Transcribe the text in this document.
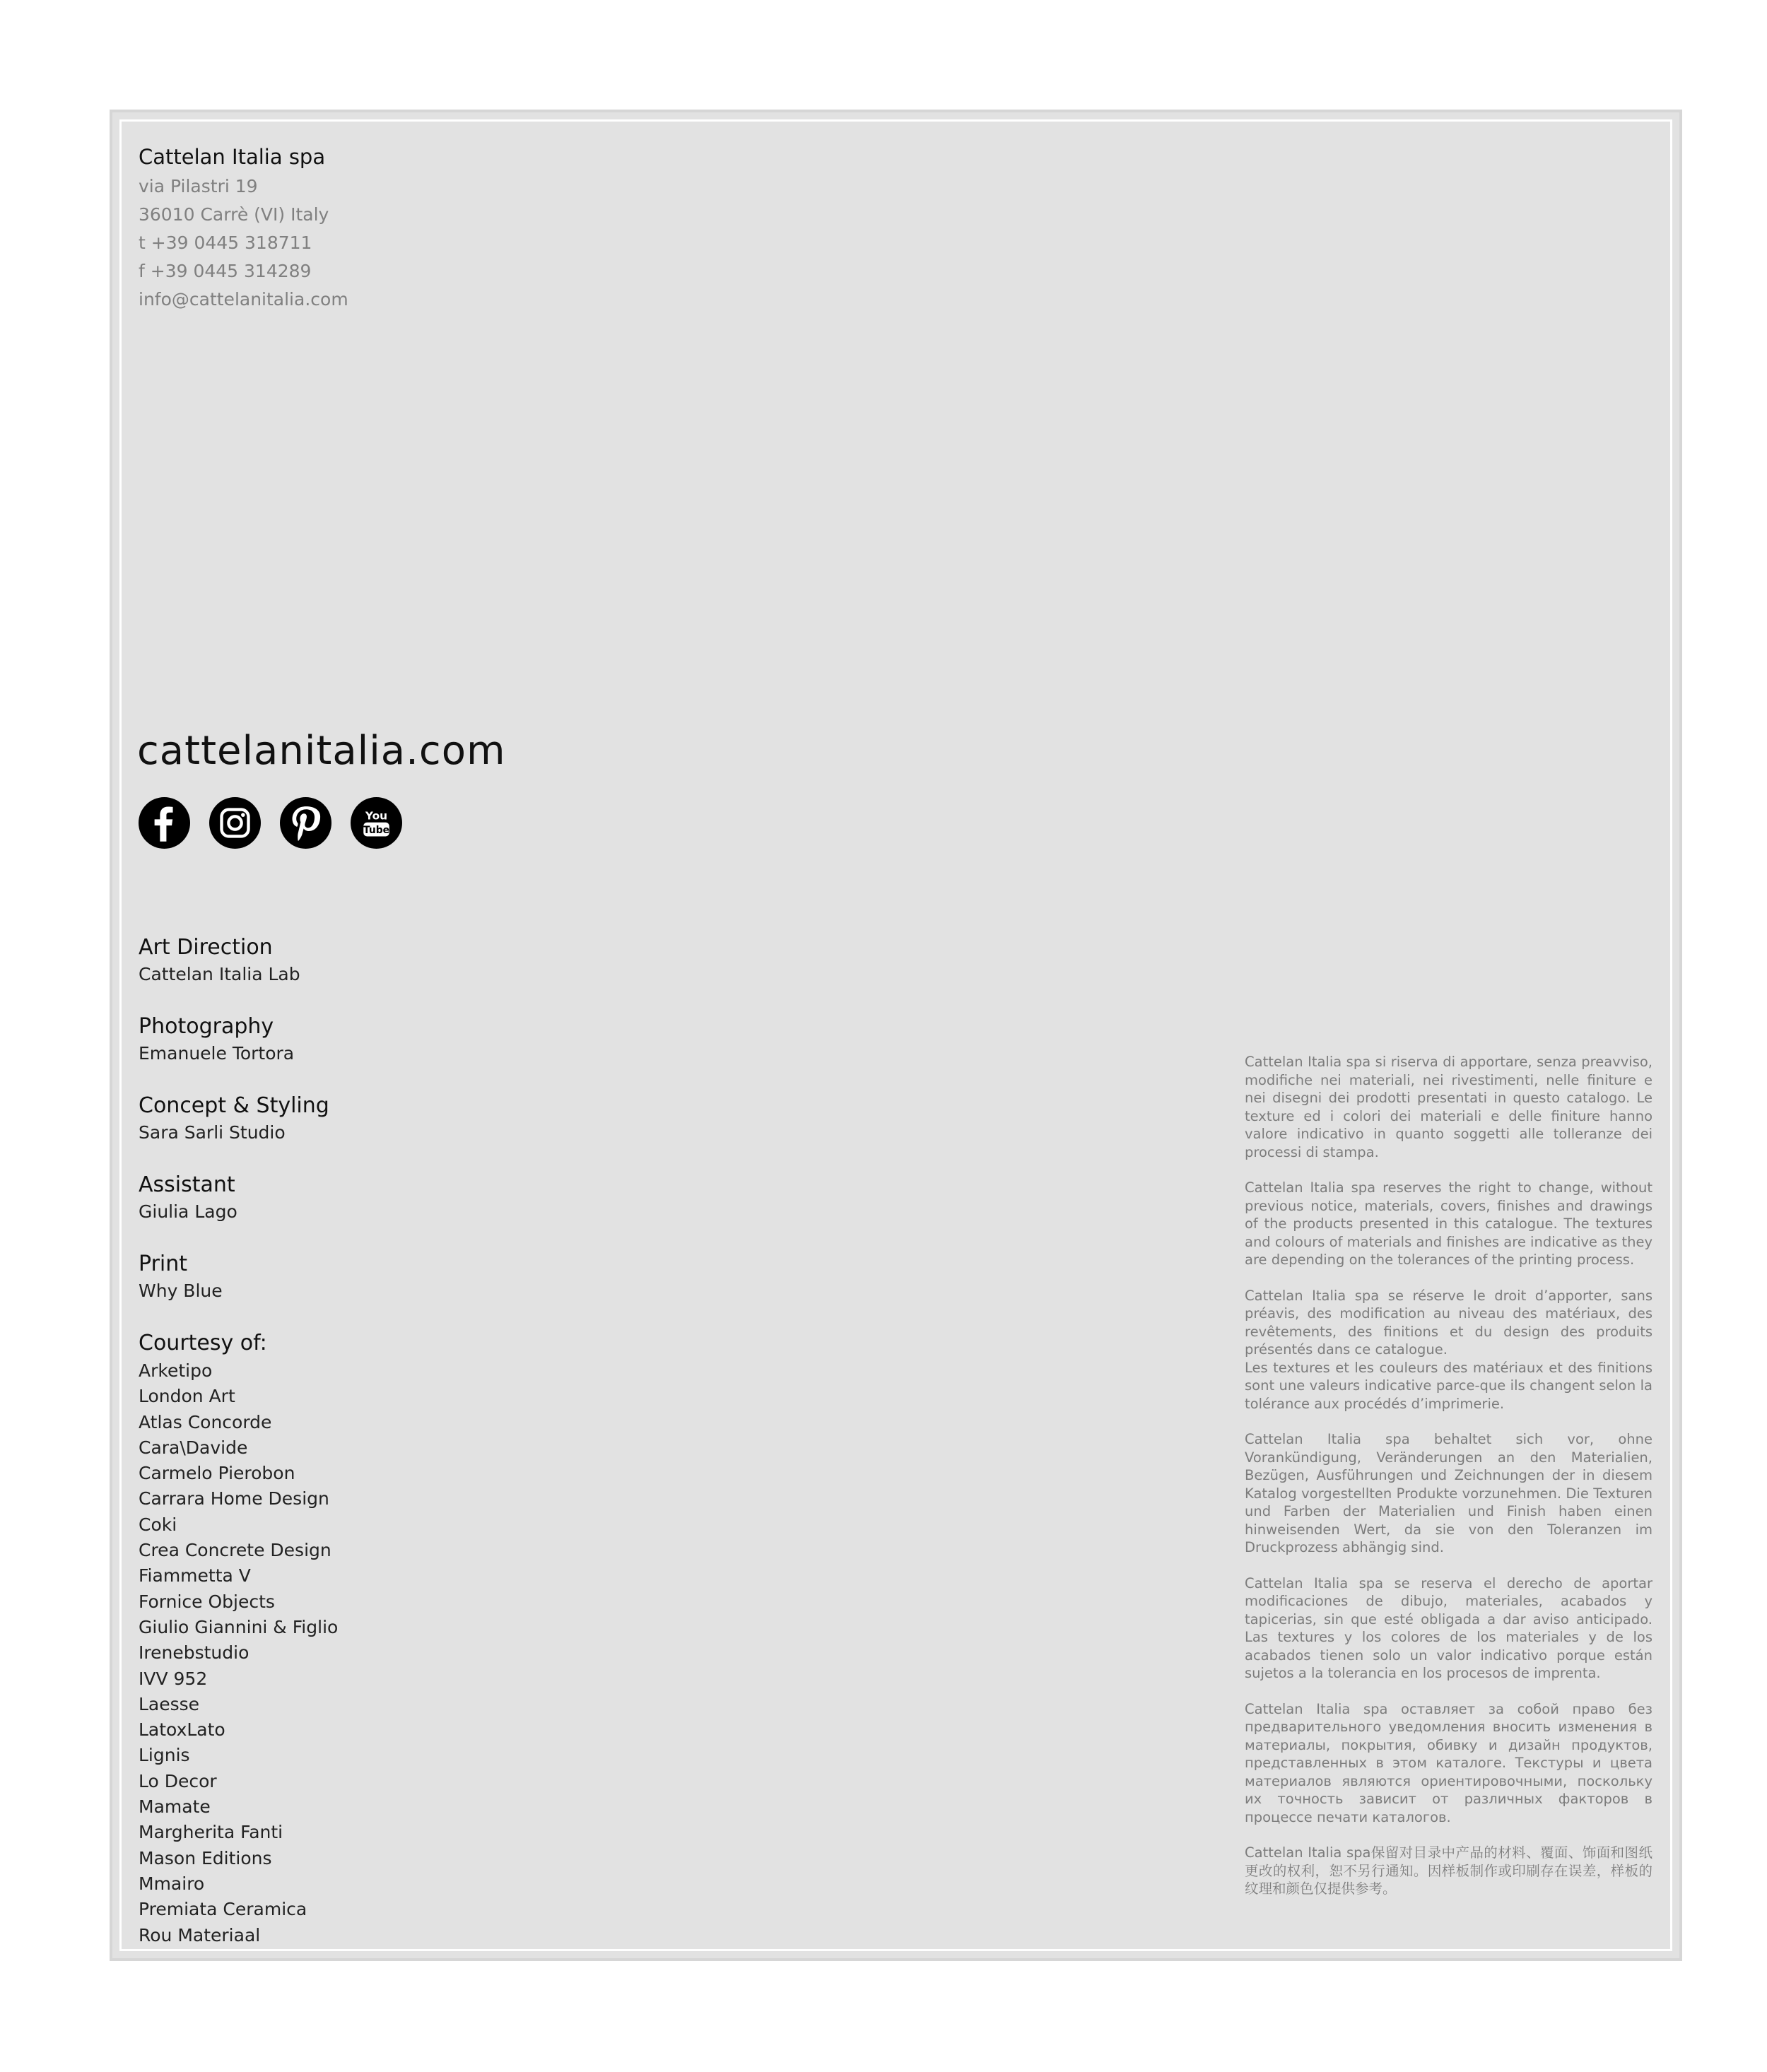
Cattelan Italia spa
via Pilastri 19
36010 Carrè (VI) Italy
t +39 0445 318711
f +39 0445 314289
info@cattelanitalia.com
cattelanitalia.com
You
Tube
Art Direction
Cattelan Italia Lab
Photography
Emanuele Tortora
Concept & Styling
Sara Sarli Studio
Assistant
Giulia Lago
Print
Why Blue
Courtesy of:
Arketipo
London Art
Atlas Concorde
Cara\Davide
Carmelo Pierobon
Carrara Home Design
Coki
Crea Concrete Design
Fiammetta V
Fornice Objects
Giulio Giannini & Figlio
Irenebstudio
IVV 952
Laesse
LatoxLato
Lignis
Lo Decor
Mamate
Margherita Fanti
Mason Editions
Mmairo
Premiata Ceramica
Rou Materiaal

Cattelan Italia spa si riserva di apportare, senza preavviso, modifiche nei materiali, nei rivestimenti, nelle finiture e nei disegni dei prodotti presentati in questo catalogo. Le texture ed i colori dei materiali e delle finiture hanno valore indicativo in quanto soggetti alle tolleranze dei processi di stampa.

Cattelan Italia spa reserves the right to change, without previous notice, materials, covers, finishes and drawings of the products presented in this catalogue. The textures and colours of materials and finishes are indicative as they are depending on the tolerances of the printing process.

Cattelan Italia spa se réserve le droit d’apporter, sans préavis, des modification au niveau des matériaux, des revêtements, des finitions et du design des produits présentés dans ce catalogue.
Les textures et les couleurs des matériaux et des finitions sont une valeurs indicative parce-que ils changent selon la tolérance aux procédés d’imprimerie.

Cattelan Italia spa behaltet sich vor, ohne Vorankündigung, Veränderungen an den Materialien, Bezügen, Ausführungen und Zeichnungen der in diesem Katalog vorgestellten Produkte vorzunehmen. Die Texturen und Farben der Materialien und Finish haben einen hinweisenden Wert, da sie von den Toleranzen im Druckprozess abhängig sind.

Cattelan Italia spa se reserva el derecho de aportar modificaciones de dibujo, materiales, acabados y tapicerias, sin que esté obligada a dar aviso anticipado. Las textures y los colores de los materiales y de los acabados tienen solo un valor indicativo porque están sujetos a la tolerancia en los procesos de imprenta.

Cattelan Italia spa оставляет за собой право без предварительного уведомления вносить изменения в материалы, покрытия, обивку и дизайн продуктов, представленных в этом каталоге. Текстуры и цвета материалов являются ориентировочными, поскольку их точность зависит от различных факторов в процессе печати каталогов.

Cattelan Italia spa保留对目录中产品的材料、覆面、饰面和图纸更改的权利，恕不另行通知。因样板制作或印刷存在误差，样板的纹理和颜色仅提供参考。
